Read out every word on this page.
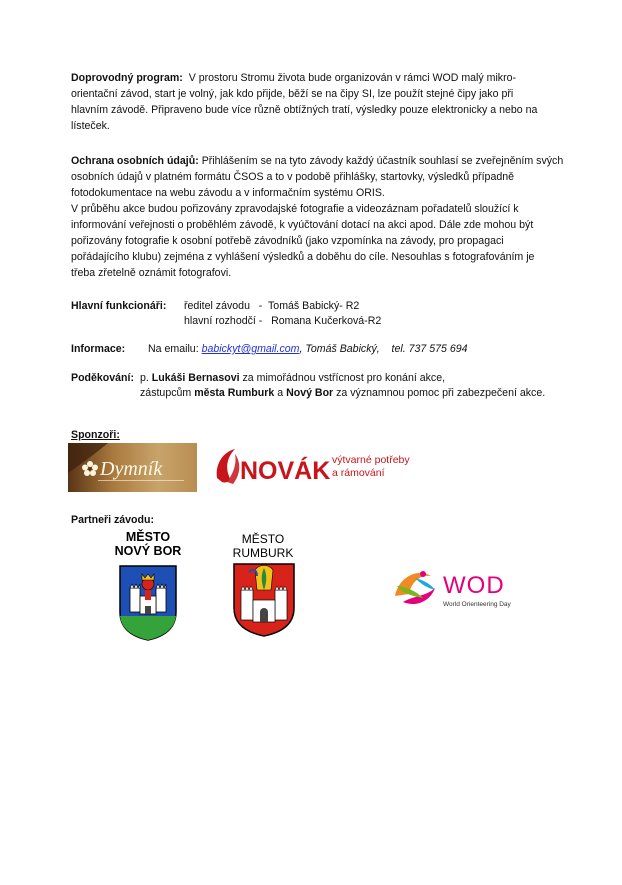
Doprovodný program: V prostoru Stromu života bude organizován v rámci WOD malý mikro-
orientační závod, start je volný, jak kdo přijde, běží se na čipy SI, lze použít stejné čipy jako při
hlavním závodě. Připraveno bude více různě obtížných tratí, výsledky pouze elektronicky a nebo na
lísteček.
Ochrana osobních údajů: Přihlášením se na tyto závody každý účastník souhlasí se zveřejněním svých
osobních údajů v platném formátu ČSOS a to v podobě přihlášky, startovky, výsledků případně
fotodokumentace na webu závodu a v informačním systému ORIS.
V průběhu akce budou pořizovány zpravodajské fotografie a videozáznam pořadatelů sloužící k
informování veřejnosti o proběhlém závodě, k vyúčtování dotací na akci apod. Dále zde mohou být
pořizovány fotografie k osobní potřebě závodníků (jako vzpomínka na závody, pro propagaci
pořádajícího klubu) zejména z vyhlášení výsledků a doběhu do cíle. Nesouhlas s fotografováním je
třeba zřetelně oznámit fotografovi.
Hlavní funkcionáři: ředitel závodu   -  Tomáš Babický- R2
hlavní rozhodčí -   Romana Kučerková-R2
Informace: Na emailu: babickyt@gmail.com, Tomáš Babický, tel. 737 575 694
Poděkování: p. Lukáši Bernasovi za mimořádnou vstřícnost pro konání akce,
zástupcům města Rumburk a Nový Bor za významnou pomoc při zabezpečení akce.
Sponzoři:
Dymník	NOVÁK výtvarné potřeby
a rámování
Partneři závodu:
MĚSTO
NOVÝ BOR
MĚSTO
RUMBURK
WOD
World Orienteering Day
